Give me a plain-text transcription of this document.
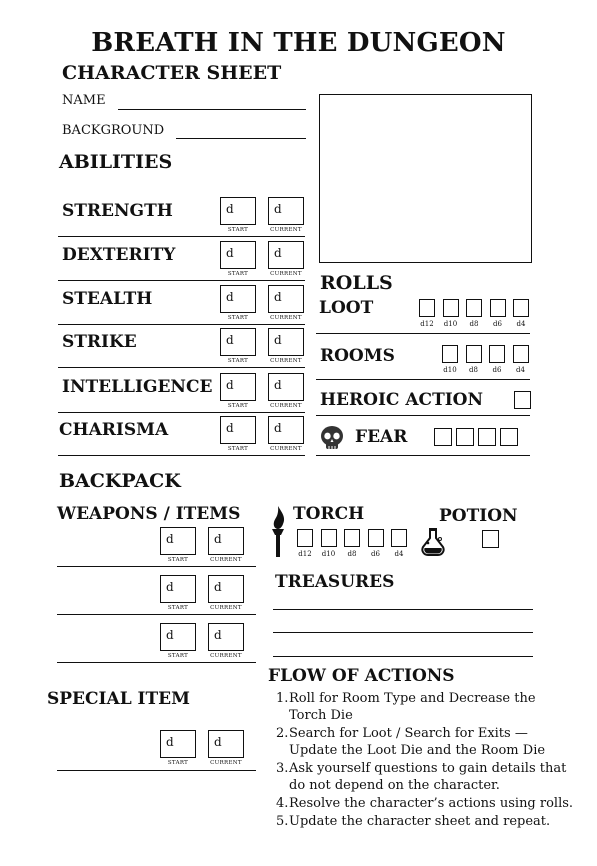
BREATH IN THE DUNGEON
CHARACTER SHEET
NAME
BACKGROUND
ABILITIES
STRENGTH	d	d
START	CURRENT
DEXTERITY	d	d
START	CURRENT
STEALTH	d	d
START	CURRENT
STRIKE	d	d
START	CURRENT
INTELLIGENCE d	d
START	CURRENT
CHARISMA	d	d
START	CURRENT
ROLLS
LOOT
d12	d10	d8	d6	d4
ROOMS
d10	d8	d6	d4
HEROIC ACTION
FEAR
BACKPACK
WEAPONS / ITEMS
d	d
START	CURRENT
d	d
START	CURRENT
d	d
START	CURRENT
SPECIAL ITEM
d	d
START	CURRENT
TORCH
d12	d10	d8	d6	d4
POTION
TREASURES
FLOW OF ACTIONS
1. Roll for Room Type and Decrease the
Torch Die
2. Search for Loot / Search for Exits —
Update the Loot Die and the Room Die
3. Ask yourself questions to gain details that
do not depend on the character.
4. Resolve the character’s actions using rolls.
5. Update the character sheet and repeat.
